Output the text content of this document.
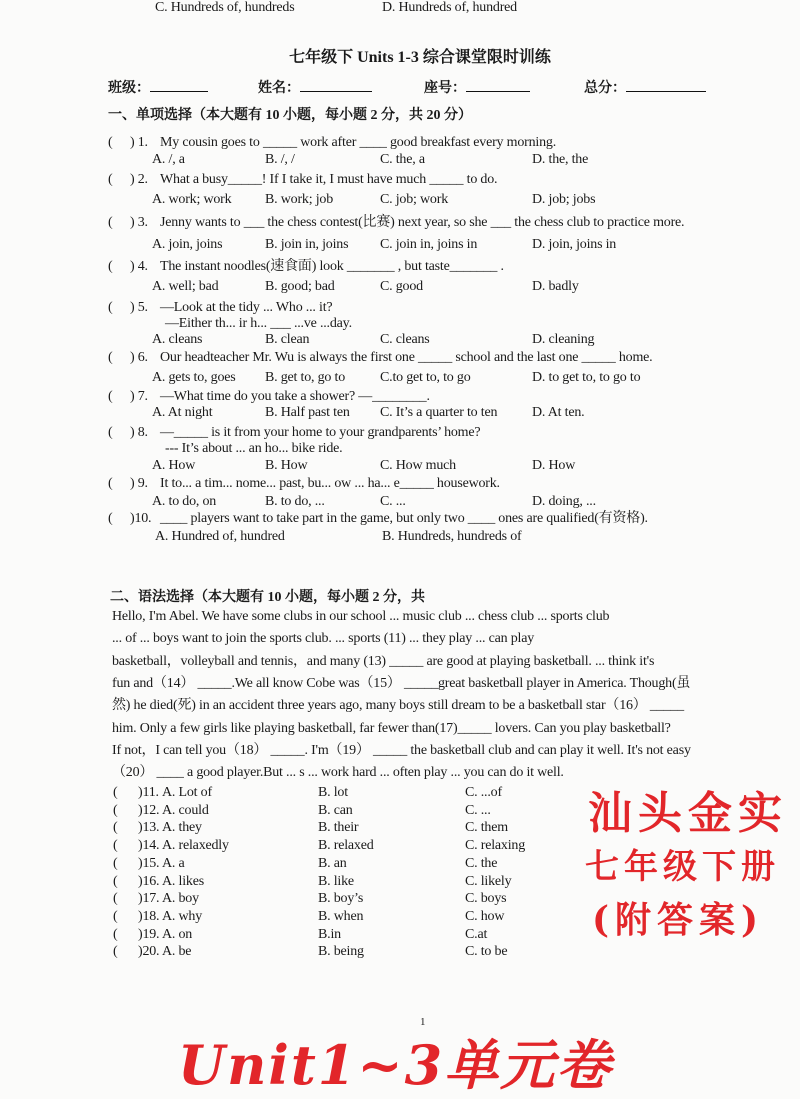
七年级下 Units 1-3 综合课堂限时训练
班级：	姓名：	座号：	总分：
一、单项选择（本大题有 10 小题，每小题 2 分，共 20 分）
( ) 1. My cousin goes to _____ work after ____ good breakfast every morning.
A. /, a	B. /, /	C. the, a	D. the, the
( ) 2. What a busy_____! If I take it, I must have much _____ to do.
A. work; work B. work; job	C. job; work	D. job; jobs
( ) 3. Jenny wants to ___ the chess contest(比赛) next year, so she ___ the chess club to practice more.
A. join, joins	B. join in, joins C. join in, joins in	D. join, joins in
( ) 4. The instant noodles(速食面) look _______ , but taste_______ .
A. well; bad	B. good; bad	C. good	D. badly
( ) 5. —Look at the tidy ... Who ... it?
—Either th... ir h... ___ ...ve ...day.
A. cleans	B. clean	C. cleans	D. cleaning
( ) 6. Our headteacher Mr. Wu is always the first one _____ school and the last one _____ home.
A. gets to, goes B. get to, go to C.to get to, to go	D. to get to, to go to
( ) 7. —What time do you take a shower? —________.
A. At night	B. Half past ten C. It’s a quarter to ten D. At ten.
( ) 8. —_____ is it from your home to your grandparents’ home?
--- It’s about ... an ho... bike ride.
A. How	B. How	C. How much	D. How
( ) 9. It to... a tim... nome... past, bu... ow ... ha... e_____ housework.
A. to do, on	B. to do, ...	C. ...	D. doing, ...
( )10. ____ players want to take part in the game, but only two ____ ones are qualified(有资格).
A. Hundred of, hundred	B. Hundreds, hundreds of
C. Hundreds of, hundreds	D. Hundreds of, hundred
二、语法选择（本大题有 10 小题，每小题 2 分，共
Hello, I'm Abel. We have some clubs in our school ... music club ... chess club ... sports club
... of ... boys want to join the sports club. ... sports (11) ... they play ... can play
basketball，volleyball and tennis，and many (13) _____ are good at playing basketball. ... think it's
fun and（14） _____.We all know Cobe was（15） _____great basketball player in America. Though(虽
然) he died(死) in an accident three years ago, many boys still dream to be a basketball star（16） _____
him. Only a few girls like playing basketball, far fewer than(17)_____ lovers. Can you play basketball?
If not，I can tell you（18） _____. I'm（19） _____ the basketball club and can play it well. It's not easy
（20） ____ a good player.But ... s ... work hard ... often play ... you can do it well.
( )11. A. Lot of	B. lot	C. ...of
( )12. A. could	B. can	C. ...
( )13. A. they	B. their	C. them
( )14. A. relaxedly	B. relaxed	C. relaxing
( )15. A. a	B. an	C. the
( )16. A. likes	B. like	C. likely
( )17. A. boy	B. boy’s	C. boys
( )18. A. why	B. when	C. how
( )19. A. on	B.in	C.at
( )20. A. be	B. being	C. to be
1
汕头金实
七年级下册
Unit1~3单元卷
(附答案)
